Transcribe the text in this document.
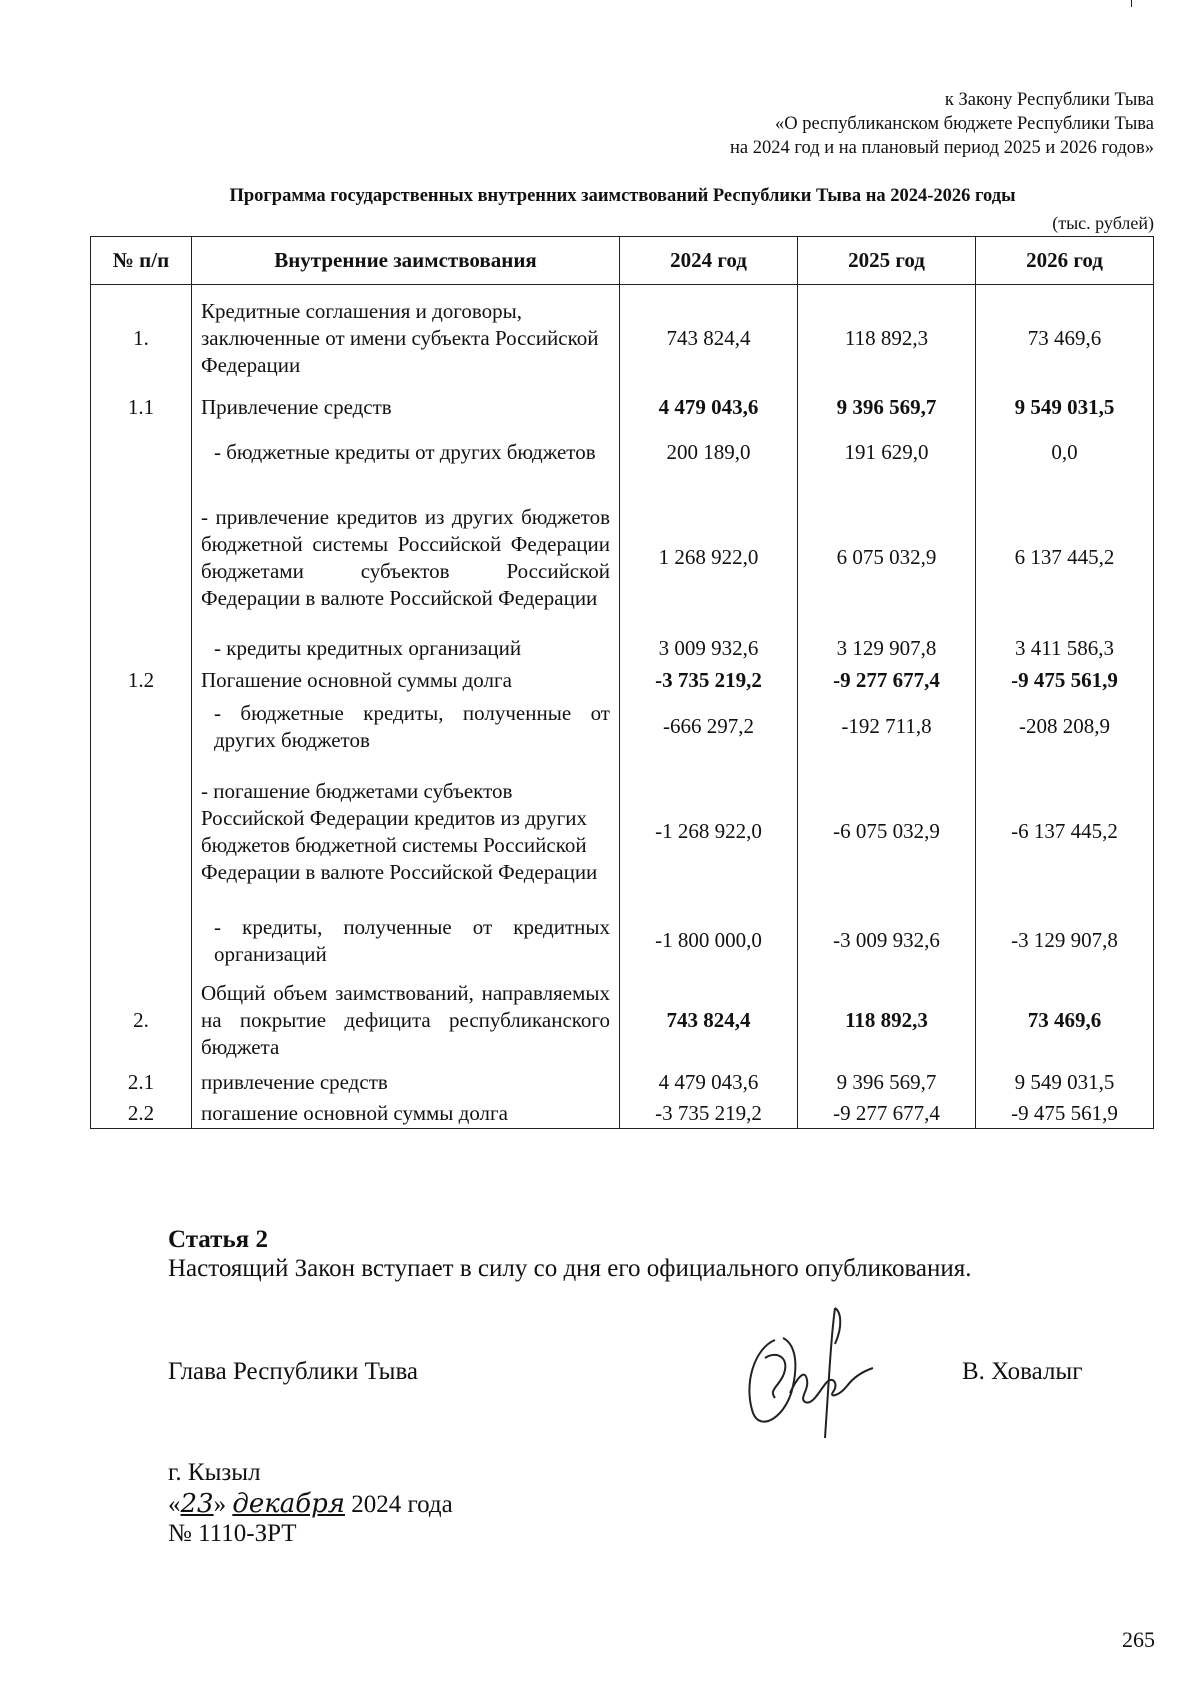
к Закону Республики Тыва
«О республиканском бюджете Республики Тыва
на 2024 год и на плановый период 2025 и 2026 годов»
Программа государственных внутренних заимствований Республики Тыва на 2024-2026 годы
(тыс. рублей)
№ п/п	Внутренние заимствования	2024 год	2025 год	2026 год
1.	Кредитные соглашения и договоры, заключенные от имени субъекта Российской Федерации	743 824,4	118 892,3	73 469,6
1.1	Привлечение средств	4 479 043,6	9 396 569,7	9 549 031,5
	- бюджетные кредиты от других бюджетов	200 189,0	191 629,0	0,0
	- привлечение кредитов из других бюджетов бюджетной системы Российской Федерации бюджетами субъектов Российской Федерации в валюте Российской Федерации	1 268 922,0	6 075 032,9	6 137 445,2
	- кредиты кредитных организаций	3 009 932,6	3 129 907,8	3 411 586,3
1.2	Погашение основной суммы долга	-3 735 219,2	-9 277 677,4	-9 475 561,9
	- бюджетные кредиты, полученные от других бюджетов	-666 297,2	-192 711,8	-208 208,9
	- погашение бюджетами субъектов Российской Федерации кредитов из других бюджетов бюджетной системы Российской Федерации в валюте Российской Федерации	-1 268 922,0	-6 075 032,9	-6 137 445,2
	- кредиты, полученные от кредитных организаций	-1 800 000,0	-3 009 932,6	-3 129 907,8
2.	Общий объем заимствований, направляемых на покрытие дефицита республиканского бюджета	743 824,4	118 892,3	73 469,6
2.1	привлечение средств	4 479 043,6	9 396 569,7	9 549 031,5
2.2	погашение основной суммы долга	-3 735 219,2	-9 277 677,4	-9 475 561,9
Статья 2
Настоящий Закон вступает в силу со дня его официального опубликования.
Глава Республики Тыва	В. Ховалыг
г. Кызыл
«23» декабря 2024 года
№ 1110-ЗРТ
265
